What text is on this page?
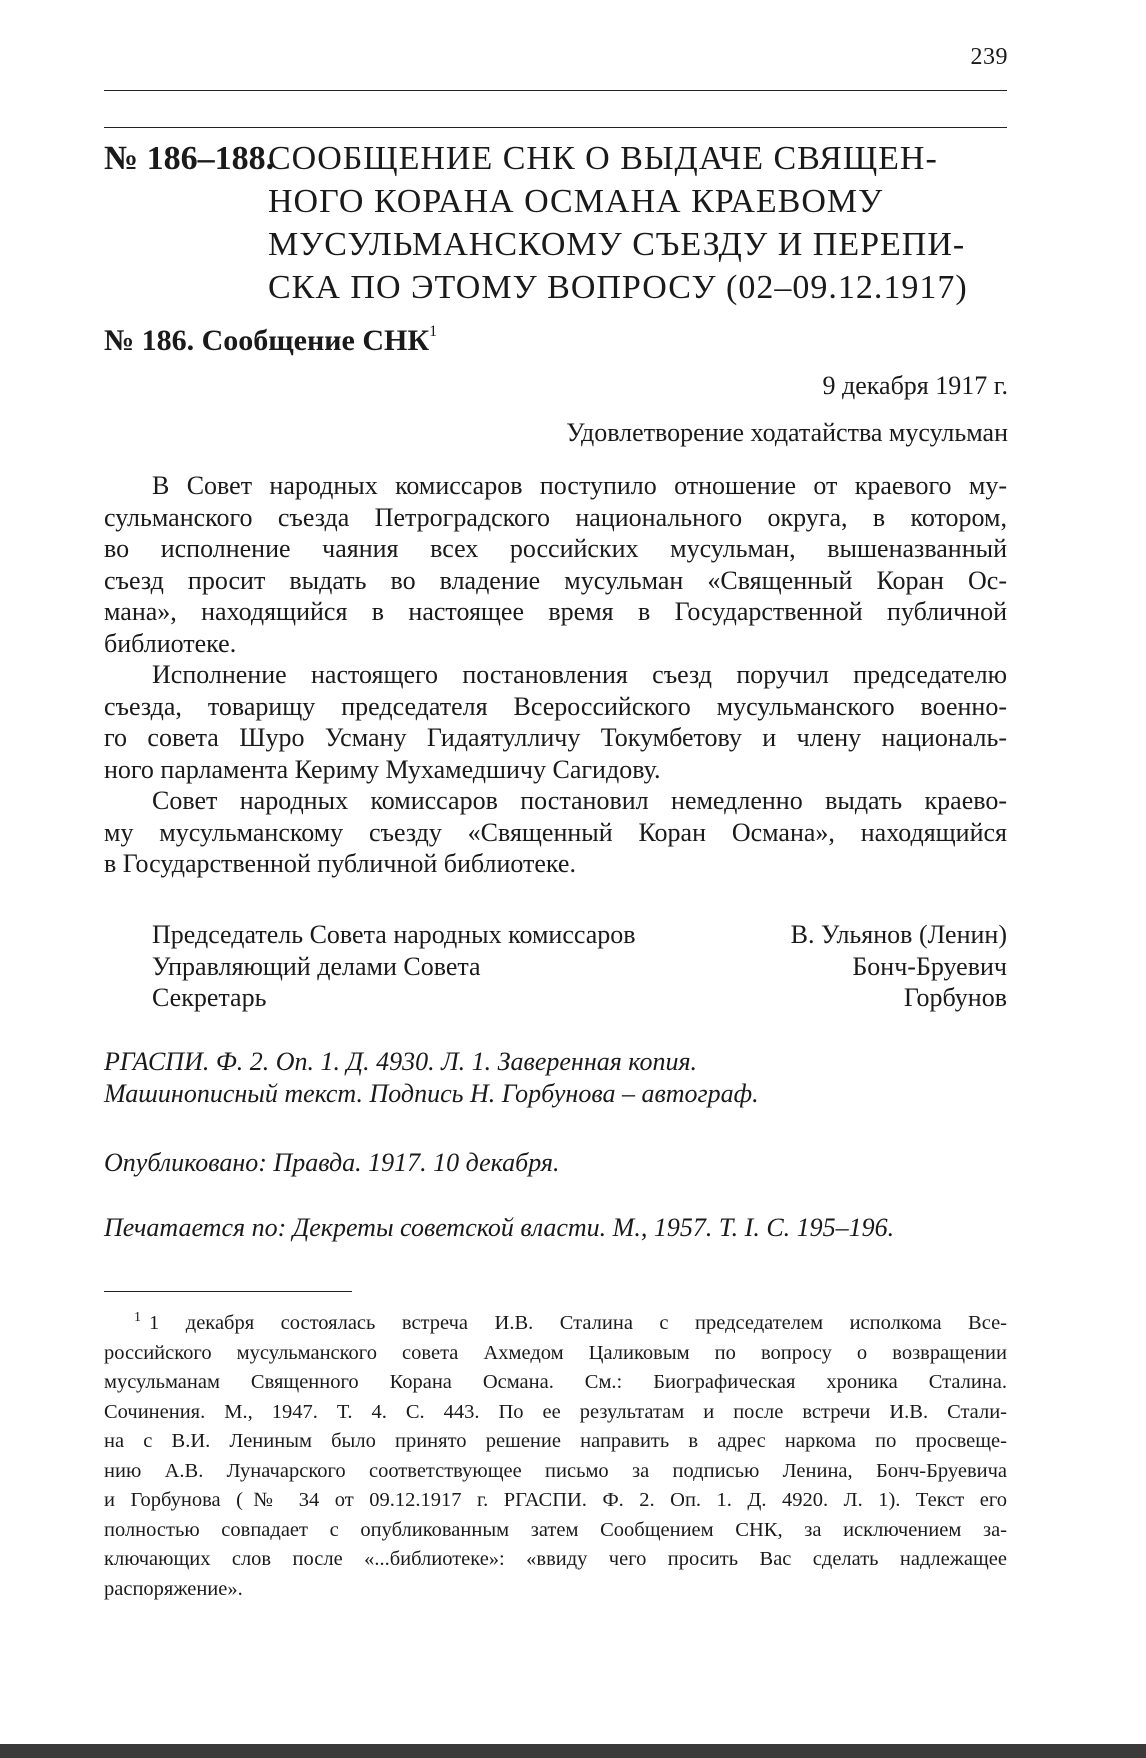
239
№ 186–188.СООБЩЕНИЕ СНК О ВЫДАЧЕ СВЯЩЕН-
НОГО КОРАНА ОСМАНА КРАЕВОМУ
МУСУЛЬМАНСКОМУ СЪЕЗДУ И ПЕРЕПИ-
СКА ПО ЭТОМУ ВОПРОСУ (02–09.12.1917)
№ 186. Сообщение СНК$^1$
9 декабря 1917 г.
Удовлетворение ходатайства мусульман
В Совет народных комиссаров поступило отношение от краевого му-
сульманского съезда Петроградского национального округа, в котором,
во исполнение чаяния всех российских мусульман, вышеназванный
съезд просит выдать во владение мусульман «Священный Коран Ос-
мана», находящийся в настоящее время в Государственной публичной
библиотеке.
Исполнение настоящего постановления съезд поручил председателю
съезда, товарищу председателя Всероссийского мусульманского военно-
го совета Шуро Усману Гидаятулличу Токумбетову и члену националь-
ного парламента Кериму Мухамедшичу Сагидову.
Совет народных комиссаров постановил немедленно выдать краево-
му мусульманскому съезду «Священный Коран Османа», находящийся
в Государственной публичной библиотеке.
Председатель Совета народных комиссаров	В. Ульянов (Ленин)
Управляющий делами Совета	Бонч-Бруевич
Секретарь	Горбунов
РГАСПИ. Ф. 2. Оп. 1. Д. 4930. Л. 1. Заверенная копия.
Машинописный текст. Подпись Н. Горбунова – автограф.
Опубликовано: Правда. 1917. 10 декабря.
Печатается по: Декреты советской власти. М., 1957. Т. I. С. 195–196.
$^1$ 1 декабря состоялась встреча И.В. Сталина с председателем исполкома Все-
российского мусульманского совета Ахмедом Цаликовым по вопросу о возвращении
мусульманам Священного Корана Османа. См.: Биографическая хроника Сталина.
Сочинения. М., 1947. Т. 4. С. 443. По ее результатам и после встречи И.В. Стали-
на с В.И. Лениным было принято решение направить в адрес наркома по просвеще-
нию А.В. Луначарского соответствующее письмо за подписью Ленина, Бонч-Бруевича
и Горбунова (№ 34 от 09.12.1917 г. РГАСПИ. Ф. 2. Оп. 1. Д. 4920. Л. 1). Текст его
полностью совпадает с опубликованным затем Сообщением СНК, за исключением за-
ключающих слов после «...библиотеке»: «ввиду чего просить Вас сделать надлежащее
распоряжение».
